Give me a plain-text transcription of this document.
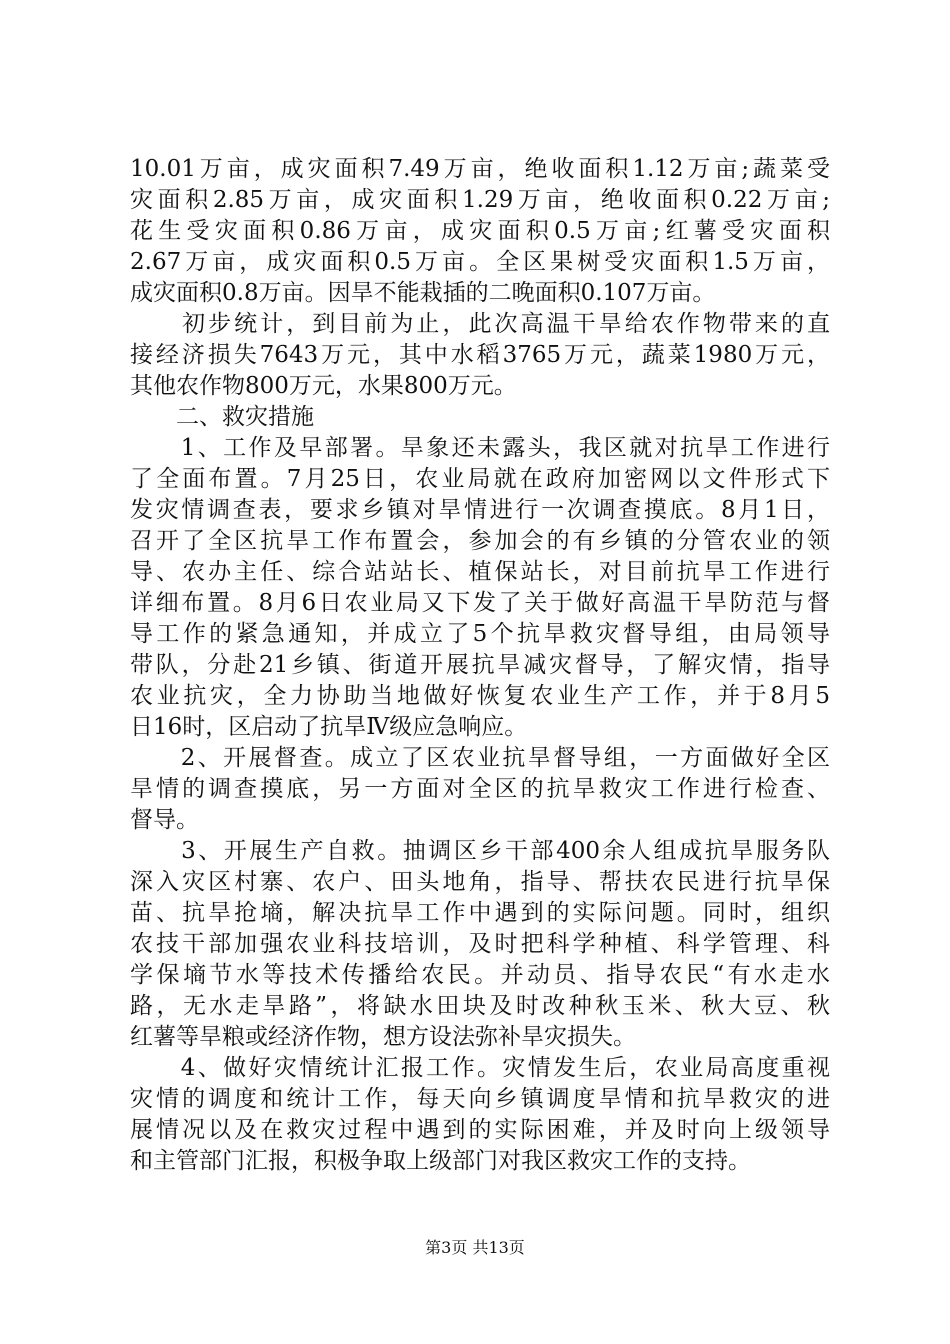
10.01万亩，成灾面积7.49万亩，绝收面积1.12万亩;蔬菜受
灾面积2.85万亩，成灾面积1.29万亩，绝收面积0.22万亩;
花生受灾面积0.86万亩，成灾面积0.5万亩;红薯受灾面积
2.67万亩，成灾面积0.5万亩。全区果树受灾面积1.5万亩，
成灾面积0.8万亩。因旱不能栽插的二晚面积0.107万亩。
　　初步统计，到目前为止，此次高温干旱给农作物带来的直
接经济损失7643万元，其中水稻3765万元，蔬菜1980万元，
其他农作物800万元，水果800万元。
　　二、救灾措施
　　1、工作及早部署。旱象还未露头，我区就对抗旱工作进行
了全面布置。7月25日，农业局就在政府加密网以文件形式下
发灾情调查表，要求乡镇对旱情进行一次调查摸底。8月1日，
召开了全区抗旱工作布置会，参加会的有乡镇的分管农业的领
导、农办主任、综合站站长、植保站长，对目前抗旱工作进行
详细布置。8月6日农业局又下发了关于做好高温干旱防范与督
导工作的紧急通知，并成立了5个抗旱救灾督导组，由局领导
带队，分赴21乡镇、街道开展抗旱减灾督导，了解灾情，指导
农业抗灾，全力协助当地做好恢复农业生产工作，并于8月5
日16时，区启动了抗旱Ⅳ级应急响应。
　　2、开展督查。成立了区农业抗旱督导组，一方面做好全区
旱情的调查摸底，另一方面对全区的抗旱救灾工作进行检查、
督导。
　　3、开展生产自救。抽调区乡干部400余人组成抗旱服务队
深入灾区村寨、农户、田头地角，指导、帮扶农民进行抗旱保
苗、抗旱抢墒，解决抗旱工作中遇到的实际问题。同时，组织
农技干部加强农业科技培训，及时把科学种植、科学管理、科
学保墒节水等技术传播给农民。并动员、指导农民“有水走水
路，无水走旱路”，将缺水田块及时改种秋玉米、秋大豆、秋
红薯等旱粮或经济作物，想方设法弥补旱灾损失。
　　4、做好灾情统计汇报工作。灾情发生后，农业局高度重视
灾情的调度和统计工作，每天向乡镇调度旱情和抗旱救灾的进
展情况以及在救灾过程中遇到的实际困难，并及时向上级领导
和主管部门汇报，积极争取上级部门对我区救灾工作的支持。
第3页 共13页
